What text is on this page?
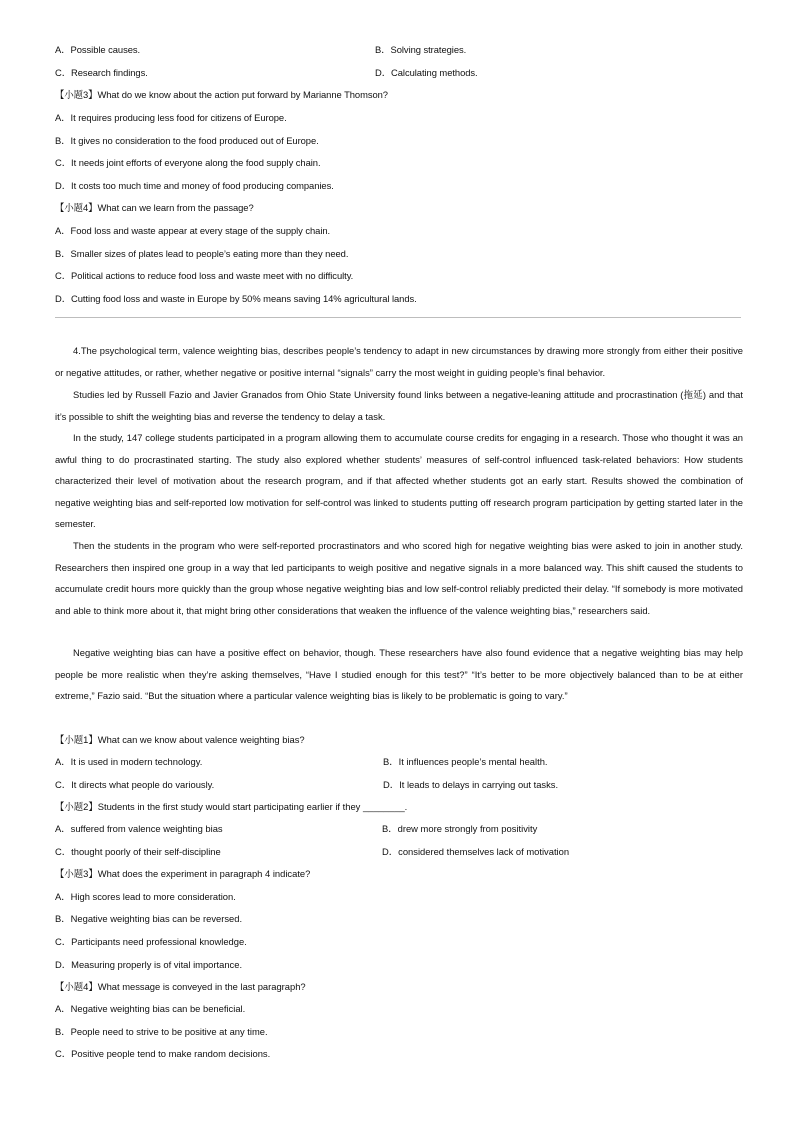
A．Possible causes.	B．Solving strategies.
C．Research findings.	D．Calculating methods.
【小题3】What do we know about the action put forward by Marianne Thomson?
A．It requires producing less food for citizens of Europe.
B．It gives no consideration to the food produced out of Europe.
C．It needs joint efforts of everyone along the food supply chain.
D．It costs too much time and money of food producing companies.
【小题4】What can we learn from the passage?
A．Food loss and waste appear at every stage of the supply chain.
B．Smaller sizes of plates lead to people’s eating more than they need.
C．Political actions to reduce food loss and waste meet with no difficulty.
D．Cutting food loss and waste in Europe by 50% means saving 14% agricultural lands.
4.The psychological term, valence weighting bias, describes people’s tendency to adapt in new circumstances by drawing more strongly from either their positive or negative attitudes, or rather, whether negative or positive internal “signals” carry the most weight in guiding people’s final behavior.
Studies led by Russell Fazio and Javier Granados from Ohio State University found links between a negative-leaning attitude and procrastination (拖延) and that it’s possible to shift the weighting bias and reverse the tendency to delay a task.
In the study, 147 college students participated in a program allowing them to accumulate course credits for engaging in a research. Those who thought it was an awful thing to do procrastinated starting. The study also explored whether students’ measures of self-control influenced task-related behaviors: How students characterized their level of motivation about the research program, and if that affected whether students got an early start. Results showed the combination of negative weighting bias and self-reported low motivation for self-control was linked to students putting off research program participation by getting started later in the semester.
Then the students in the program who were self-reported procrastinators and who scored high for negative weighting bias were asked to join in another study. Researchers then inspired one group in a way that led participants to weigh positive and negative signals in a more balanced way. This shift caused the students to accumulate credit hours more quickly than the group whose negative weighting bias and low self-control reliably predicted their delay. “If somebody is more motivated and able to think more about it, that might bring other considerations that weaken the influence of the valence weighting bias,” researchers said.
Negative weighting bias can have a positive effect on behavior, though. These researchers have also found evidence that a negative weighting bias may help people be more realistic when they’re asking themselves, “Have I studied enough for this test?” “It’s better to be more objectively balanced than to be at either extreme,” Fazio said. “But the situation where a particular valence weighting bias is likely to be problematic is going to vary.”
【小题1】What can we know about valence weighting bias?
A．It is used in modern technology.	B．It influences people’s mental health.
C．It directs what people do variously.	D．It leads to delays in carrying out tasks.
【小题2】Students in the first study would start participating earlier if they ________.
A．suffered from valence weighting bias	B．drew more strongly from positivity
C．thought poorly of their self-discipline	D．considered themselves lack of motivation
【小题3】What does the experiment in paragraph 4 indicate?
A．High scores lead to more consideration.
B．Negative weighting bias can be reversed.
C．Participants need professional knowledge.
D．Measuring properly is of vital importance.
【小题4】What message is conveyed in the last paragraph?
A．Negative weighting bias can be beneficial.
B．People need to strive to be positive at any time.
C．Positive people tend to make random decisions.
